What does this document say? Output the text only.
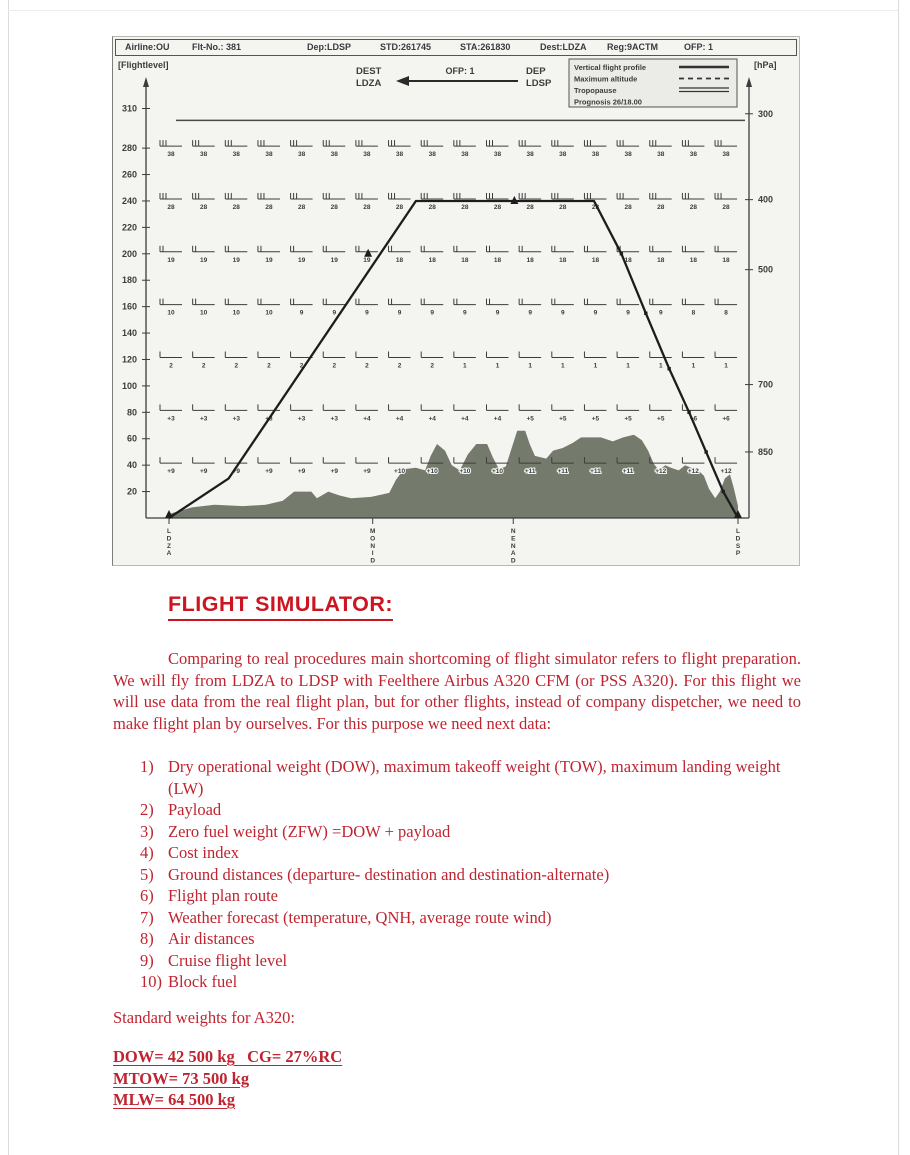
Airline:OU Flt-No.: 381	Dep:LDSP	STD:261745	STA:261830	Dest:LDZA Reg:9ACTM	OFP: 1
38	38	38	38	38	38	38	38	38	38	38	38	38	38	38	38	38	38
28	28	28	28	28	28	28	28	28	28	28	28	28	28	28	28	28	28
19	19	19	19	19	19	19	18	18	18	18	18	18	18	18	18	18	18
10	10	10	10	9	9	9	9	9	9	9	9	9	9	9	9	8	8
2	2	2	2	2	2	2	2	2	1	1	1	1	1	1	1	1	1
+3	+3	+3	+3	+3	+3	+4	+4	+4	+4	+4	+5	+5	+5	+5	+5	+6	+6
+9	+9	+9	+9	+9	+9	+9	+10	+10	+10	+10	+11	+11	+11	+11	+12	+12	+12
310
280
260
240
220
200
180
160
140
120
100
80
60
40
20
300
400
500
700
850
L
D
Z
A
M
O
N
I
D
N
E
N
A
D
L
D
S
P
[Flightlevel]	[hPa]
DEST
LDZA
DEP
LDSP
OFP: 1	Vertical flight profile
Maximum altitude
Tropopause
Prognosis 26/18.00
FLIGHT SIMULATOR:
Comparing to real procedures main shortcoming of flight simulator refers to flight preparation. We will fly from LDZA to LDSP with Feelthere Airbus A320 CFM (or PSS A320). For this flight we will use data from the real flight plan, but for other flights, instead of company dispetcher, we need to make flight plan by ourselves. For this purpose we need next data:
1) Dry operational weight (DOW), maximum takeoff weight (TOW), maximum landing weight (LW)
2) Payload
3) Zero fuel weight (ZFW) =DOW + payload
4) Cost index
5) Ground distances (departure- destination and destination-alternate)
6) Flight plan route
7) Weather forecast (temperature, QNH, average route wind)
8) Air distances
9) Cruise flight level
10) Block fuel
Standard weights for A320:
DOW= 42 500 kg   CG= 27%RC
MTOW= 73 500 kg
MLW= 64 500 kg
